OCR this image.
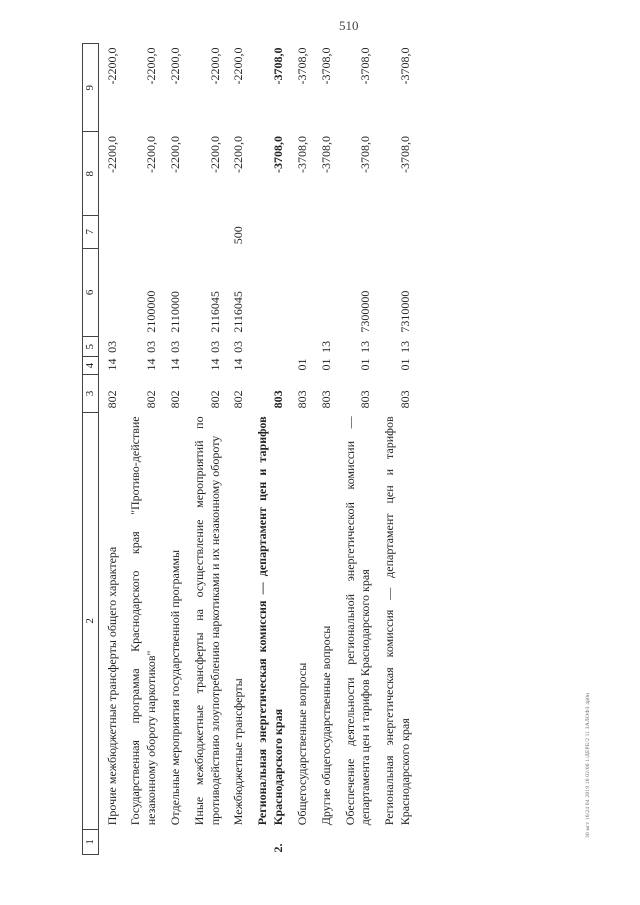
510
30 мгт 16/24 04 2019 16 02/0б 1/ДЕРЕ/2 11 ЗАЛОФЗ 4р0н
1	2	3	4	5	6	7	8	9
	Прочие межбюджетные трансферты общего характера	802	14	03			-2200,0	-2200,0
	Государственная программа Краснодарского края "Противо-действие незаконному обороту наркотиков"	802	14	03	2100000		-2200,0	-2200,0
	Отдельные мероприятия государственной программы	802	14	03	2110000		-2200,0	-2200,0
	Иные межбюджетные трансферты на осуществление мероприятий по противодействию злоупотреблению наркотиками и их незаконному обороту	802	14	03	2116045		-2200,0	-2200,0
	Межбюджетные трансферты	802	14	03	2116045	500	-2200,0	-2200,0
2.	Региональная энергетическая комиссия — департамент цен и тарифов Краснодарского края	803					-3708,0	-3708,0
	Общегосударственные вопросы	803	01				-3708,0	-3708,0
	Другие общегосударственные вопросы	803	01	13			-3708,0	-3708,0
	Обеспечение деятельности региональной энергетической комиссии — департамента цен и тарифов Краснодарского края	803	01	13	7300000		-3708,0	-3708,0
	Региональная энергетическая комиссия — департамент цен и тарифов Краснодарского края	803	01	13	7310000		-3708,0	-3708,0
